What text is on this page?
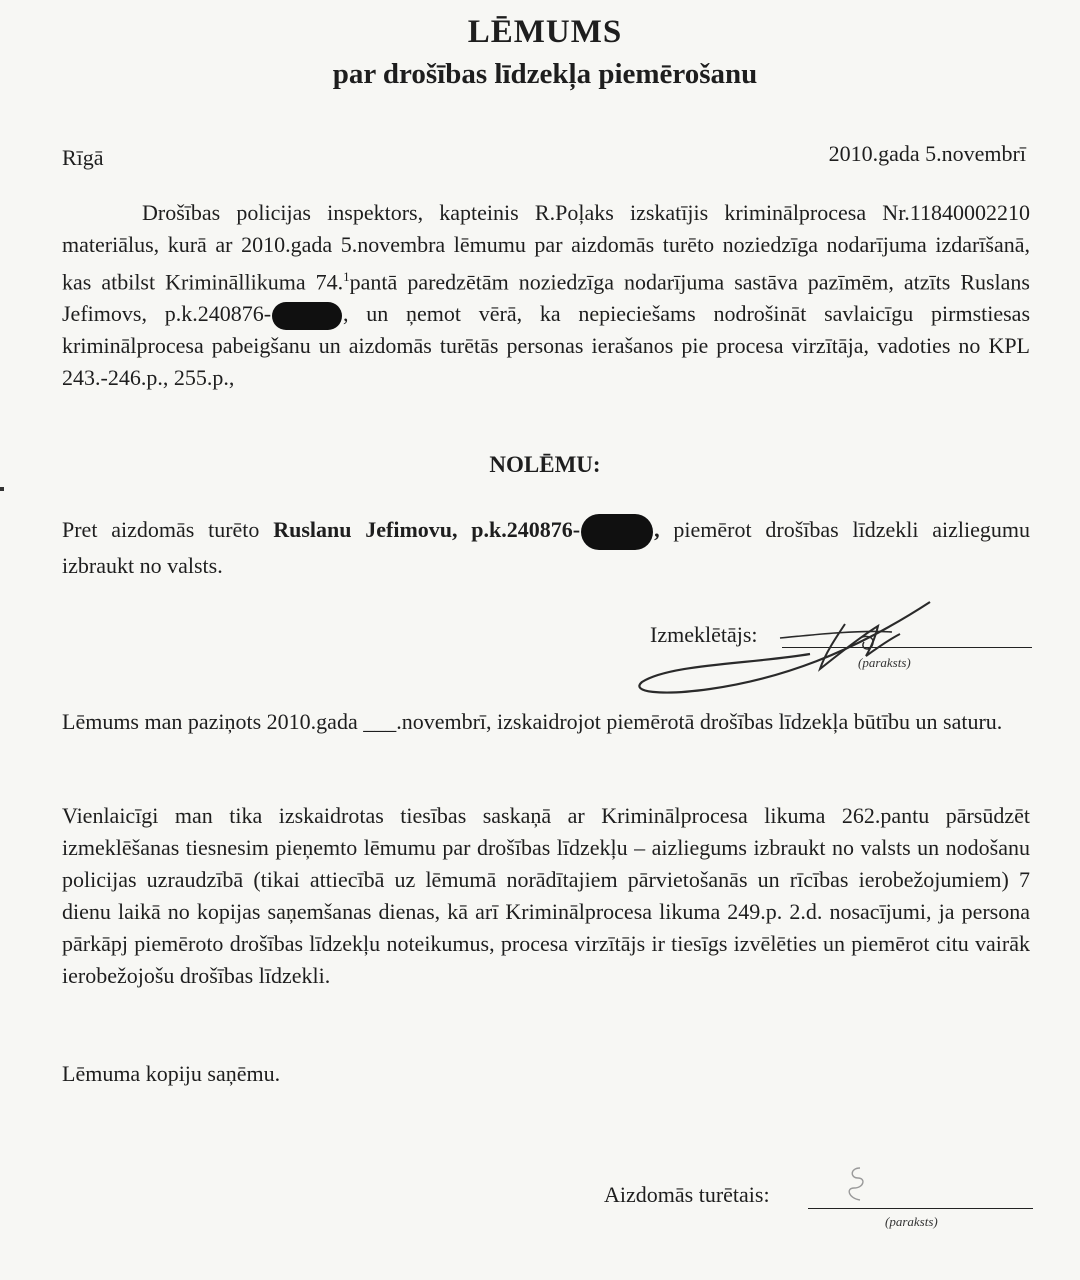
LĒMUMS
par drošības līdzekļa piemērošanu
Rīgā	2010.gada 5.novembrī
Drošības policijas inspektors, kapteinis R.Poļaks izskatījis kriminālprocesa Nr.11840002210 materiālus, kurā ar 2010.gada 5.novembra lēmumu par aizdomās turēto noziedzīga nodarījuma izdarīšanā, kas atbilst Krimināllikuma 74.$^1$pantā paredzētām noziedzīga nodarījuma sastāva pazīmēm, atzīts Ruslans Jefimovs, p.k.240876-	, un ņemot vērā, ka nepieciešams nodrošināt savlaicīgu pirmstiesas kriminālprocesa pabeigšanu un aizdomās turētās personas ierašanos pie procesa virzītāja, vadoties no KPL 243.-246.p., 255.p.,
NOLĒMU:
Pret aizdomās turēto Ruslanu Jefimovu, p.k.240876-	, piemērot drošības līdzekli aizliegumu izbraukt no valsts.
Izmeklētājs:
(paraksts)
Lēmums man paziņots 2010.gada ___.novembrī, izskaidrojot piemērotā drošības līdzekļa būtību un saturu.
Vienlaicīgi man tika izskaidrotas tiesības saskaņā ar Kriminālprocesa likuma 262.pantu pārsūdzēt izmeklēšanas tiesnesim pieņemto lēmumu par drošības līdzekļu – aizliegums izbraukt no valsts un nodošanu policijas uzraudzībā (tikai attiecībā uz lēmumā norādītajiem pārvietošanās un rīcības ierobežojumiem) 7 dienu laikā no kopijas saņemšanas dienas, kā arī Kriminālprocesa likuma 249.p. 2.d. nosacījumi, ja persona pārkāpj piemēroto drošības līdzekļu noteikumus, procesa virzītājs ir tiesīgs izvēlēties un piemērot citu vairāk ierobežojošu drošības līdzekli.
Lēmuma kopiju saņēmu.
Aizdomās turētais:
(paraksts)
